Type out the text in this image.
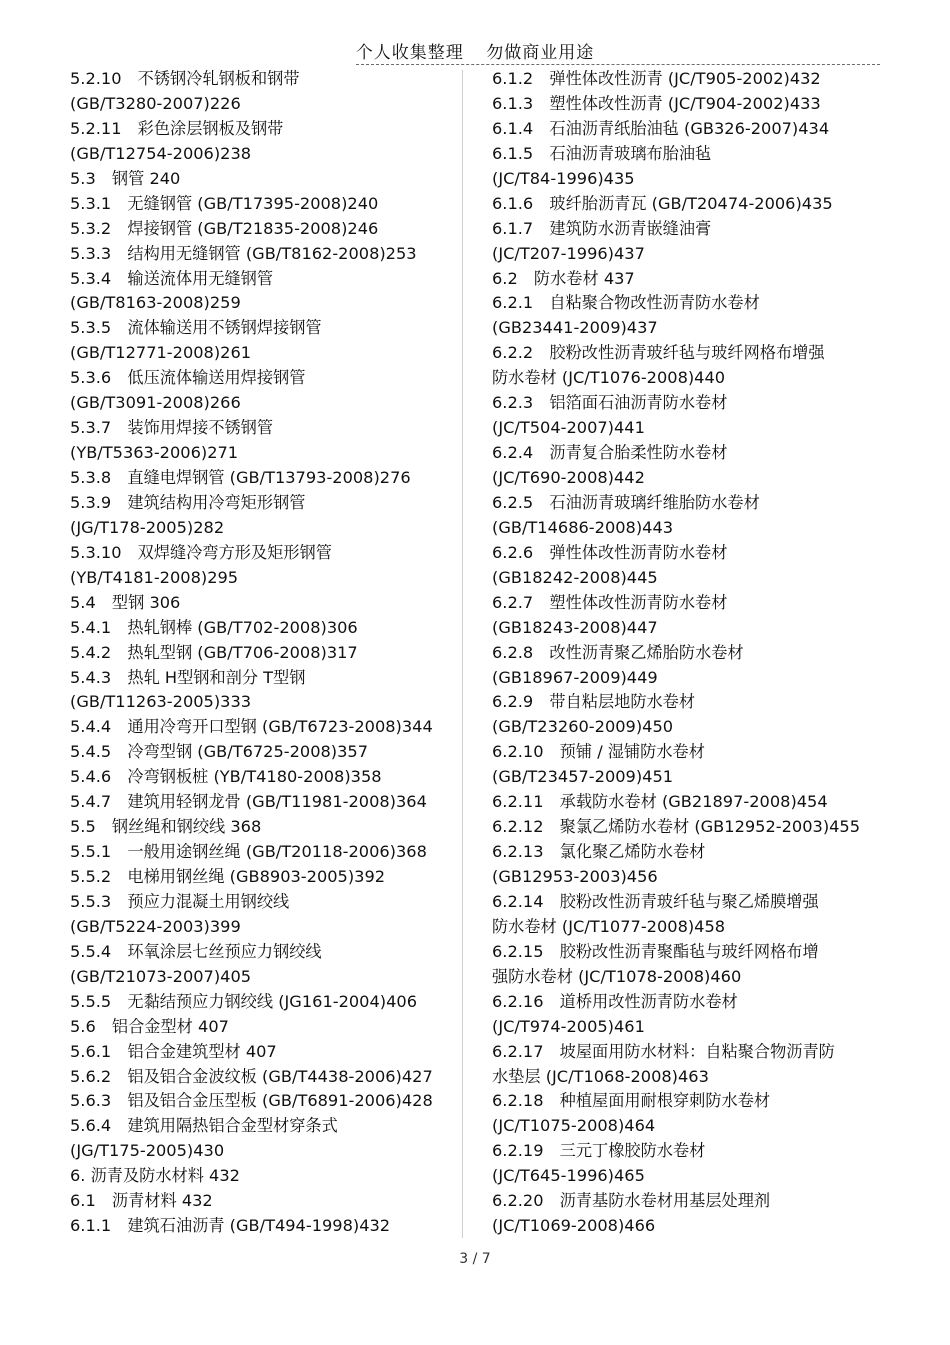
个人收集整理 勿做商业用途
5.2.10　不锈钢冷轧钢板和钢带
(GB/T3280-2007)226
5.2.11　彩色涂层钢板及钢带
(GB/T12754-2006)238
5.3　钢管 240
5.3.1　无缝钢管 (GB/T17395-2008)240
5.3.2　焊接钢管 (GB/T21835-2008)246
5.3.3　结构用无缝钢管 (GB/T8162-2008)253
5.3.4　输送流体用无缝钢管
(GB/T8163-2008)259
5.3.5　流体输送用不锈钢焊接钢管
(GB/T12771-2008)261
5.3.6　低压流体输送用焊接钢管
(GB/T3091-2008)266
5.3.7　装饰用焊接不锈钢管
(YB/T5363-2006)271
5.3.8　直缝电焊钢管 (GB/T13793-2008)276
5.3.9　建筑结构用冷弯矩形钢管
(JG/T178-2005)282
5.3.10　双焊缝冷弯方形及矩形钢管
(YB/T4181-2008)295
5.4　型钢 306
5.4.1　热轧钢棒 (GB/T702-2008)306
5.4.2　热轧型钢 (GB/T706-2008)317
5.4.3　热轧 H型钢和剖分 T型钢
(GB/T11263-2005)333
5.4.4　通用冷弯开口型钢 (GB/T6723-2008)344
5.4.5　冷弯型钢 (GB/T6725-2008)357
5.4.6　冷弯钢板桩 (YB/T4180-2008)358
5.4.7　建筑用轻钢龙骨 (GB/T11981-2008)364
5.5　钢丝绳和钢绞线 368
5.5.1　一般用途钢丝绳 (GB/T20118-2006)368
5.5.2　电梯用钢丝绳 (GB8903-2005)392
5.5.3　预应力混凝土用钢绞线
(GB/T5224-2003)399
5.5.4　环氧涂层七丝预应力钢绞线
(GB/T21073-2007)405
5.5.5　无黏结预应力钢绞线 (JG161-2004)406
5.6　铝合金型材 407
5.6.1　铝合金建筑型材 407
5.6.2　铝及铝合金波纹板 (GB/T4438-2006)427
5.6.3　铝及铝合金压型板 (GB/T6891-2006)428
5.6.4　建筑用隔热铝合金型材穿条式
(JG/T175-2005)430
6. 沥青及防水材料 432
6.1　沥青材料 432
6.1.1　建筑石油沥青 (GB/T494-1998)432
6.1.2　弹性体改性沥青 (JC/T905-2002)432
6.1.3　塑性体改性沥青 (JC/T904-2002)433
6.1.4　石油沥青纸胎油毡 (GB326-2007)434
6.1.5　石油沥青玻璃布胎油毡
(JC/T84-1996)435
6.1.6　玻纤胎沥青瓦 (GB/T20474-2006)435
6.1.7　建筑防水沥青嵌缝油膏
(JC/T207-1996)437
6.2　防水卷材 437
6.2.1　自粘聚合物改性沥青防水卷材
(GB23441-2009)437
6.2.2　胶粉改性沥青玻纤毡与玻纤网格布增强
防水卷材 (JC/T1076-2008)440
6.2.3　铝箔面石油沥青防水卷材
(JC/T504-2007)441
6.2.4　沥青复合胎柔性防水卷材
(JC/T690-2008)442
6.2.5　石油沥青玻璃纤维胎防水卷材
(GB/T14686-2008)443
6.2.6　弹性体改性沥青防水卷材
(GB18242-2008)445
6.2.7　塑性体改性沥青防水卷材
(GB18243-2008)447
6.2.8　改性沥青聚乙烯胎防水卷材
(GB18967-2009)449
6.2.9　带自粘层地防水卷材
(GB/T23260-2009)450
6.2.10　预铺 / 湿铺防水卷材
(GB/T23457-2009)451
6.2.11　承载防水卷材 (GB21897-2008)454
6.2.12　聚氯乙烯防水卷材 (GB12952-2003)455
6.2.13　氯化聚乙烯防水卷材
(GB12953-2003)456
6.2.14　胶粉改性沥青玻纤毡与聚乙烯膜增强
防水卷材 (JC/T1077-2008)458
6.2.15　胶粉改性沥青聚酯毡与玻纤网格布增
强防水卷材 (JC/T1078-2008)460
6.2.16　道桥用改性沥青防水卷材
(JC/T974-2005)461
6.2.17　坡屋面用防水材料：自粘聚合物沥青防
水垫层 (JC/T1068-2008)463
6.2.18　种植屋面用耐根穿刺防水卷材
(JC/T1075-2008)464
6.2.19　三元丁橡胶防水卷材
(JC/T645-1996)465
6.2.20　沥青基防水卷材用基层处理剂
(JC/T1069-2008)466
3 / 7
